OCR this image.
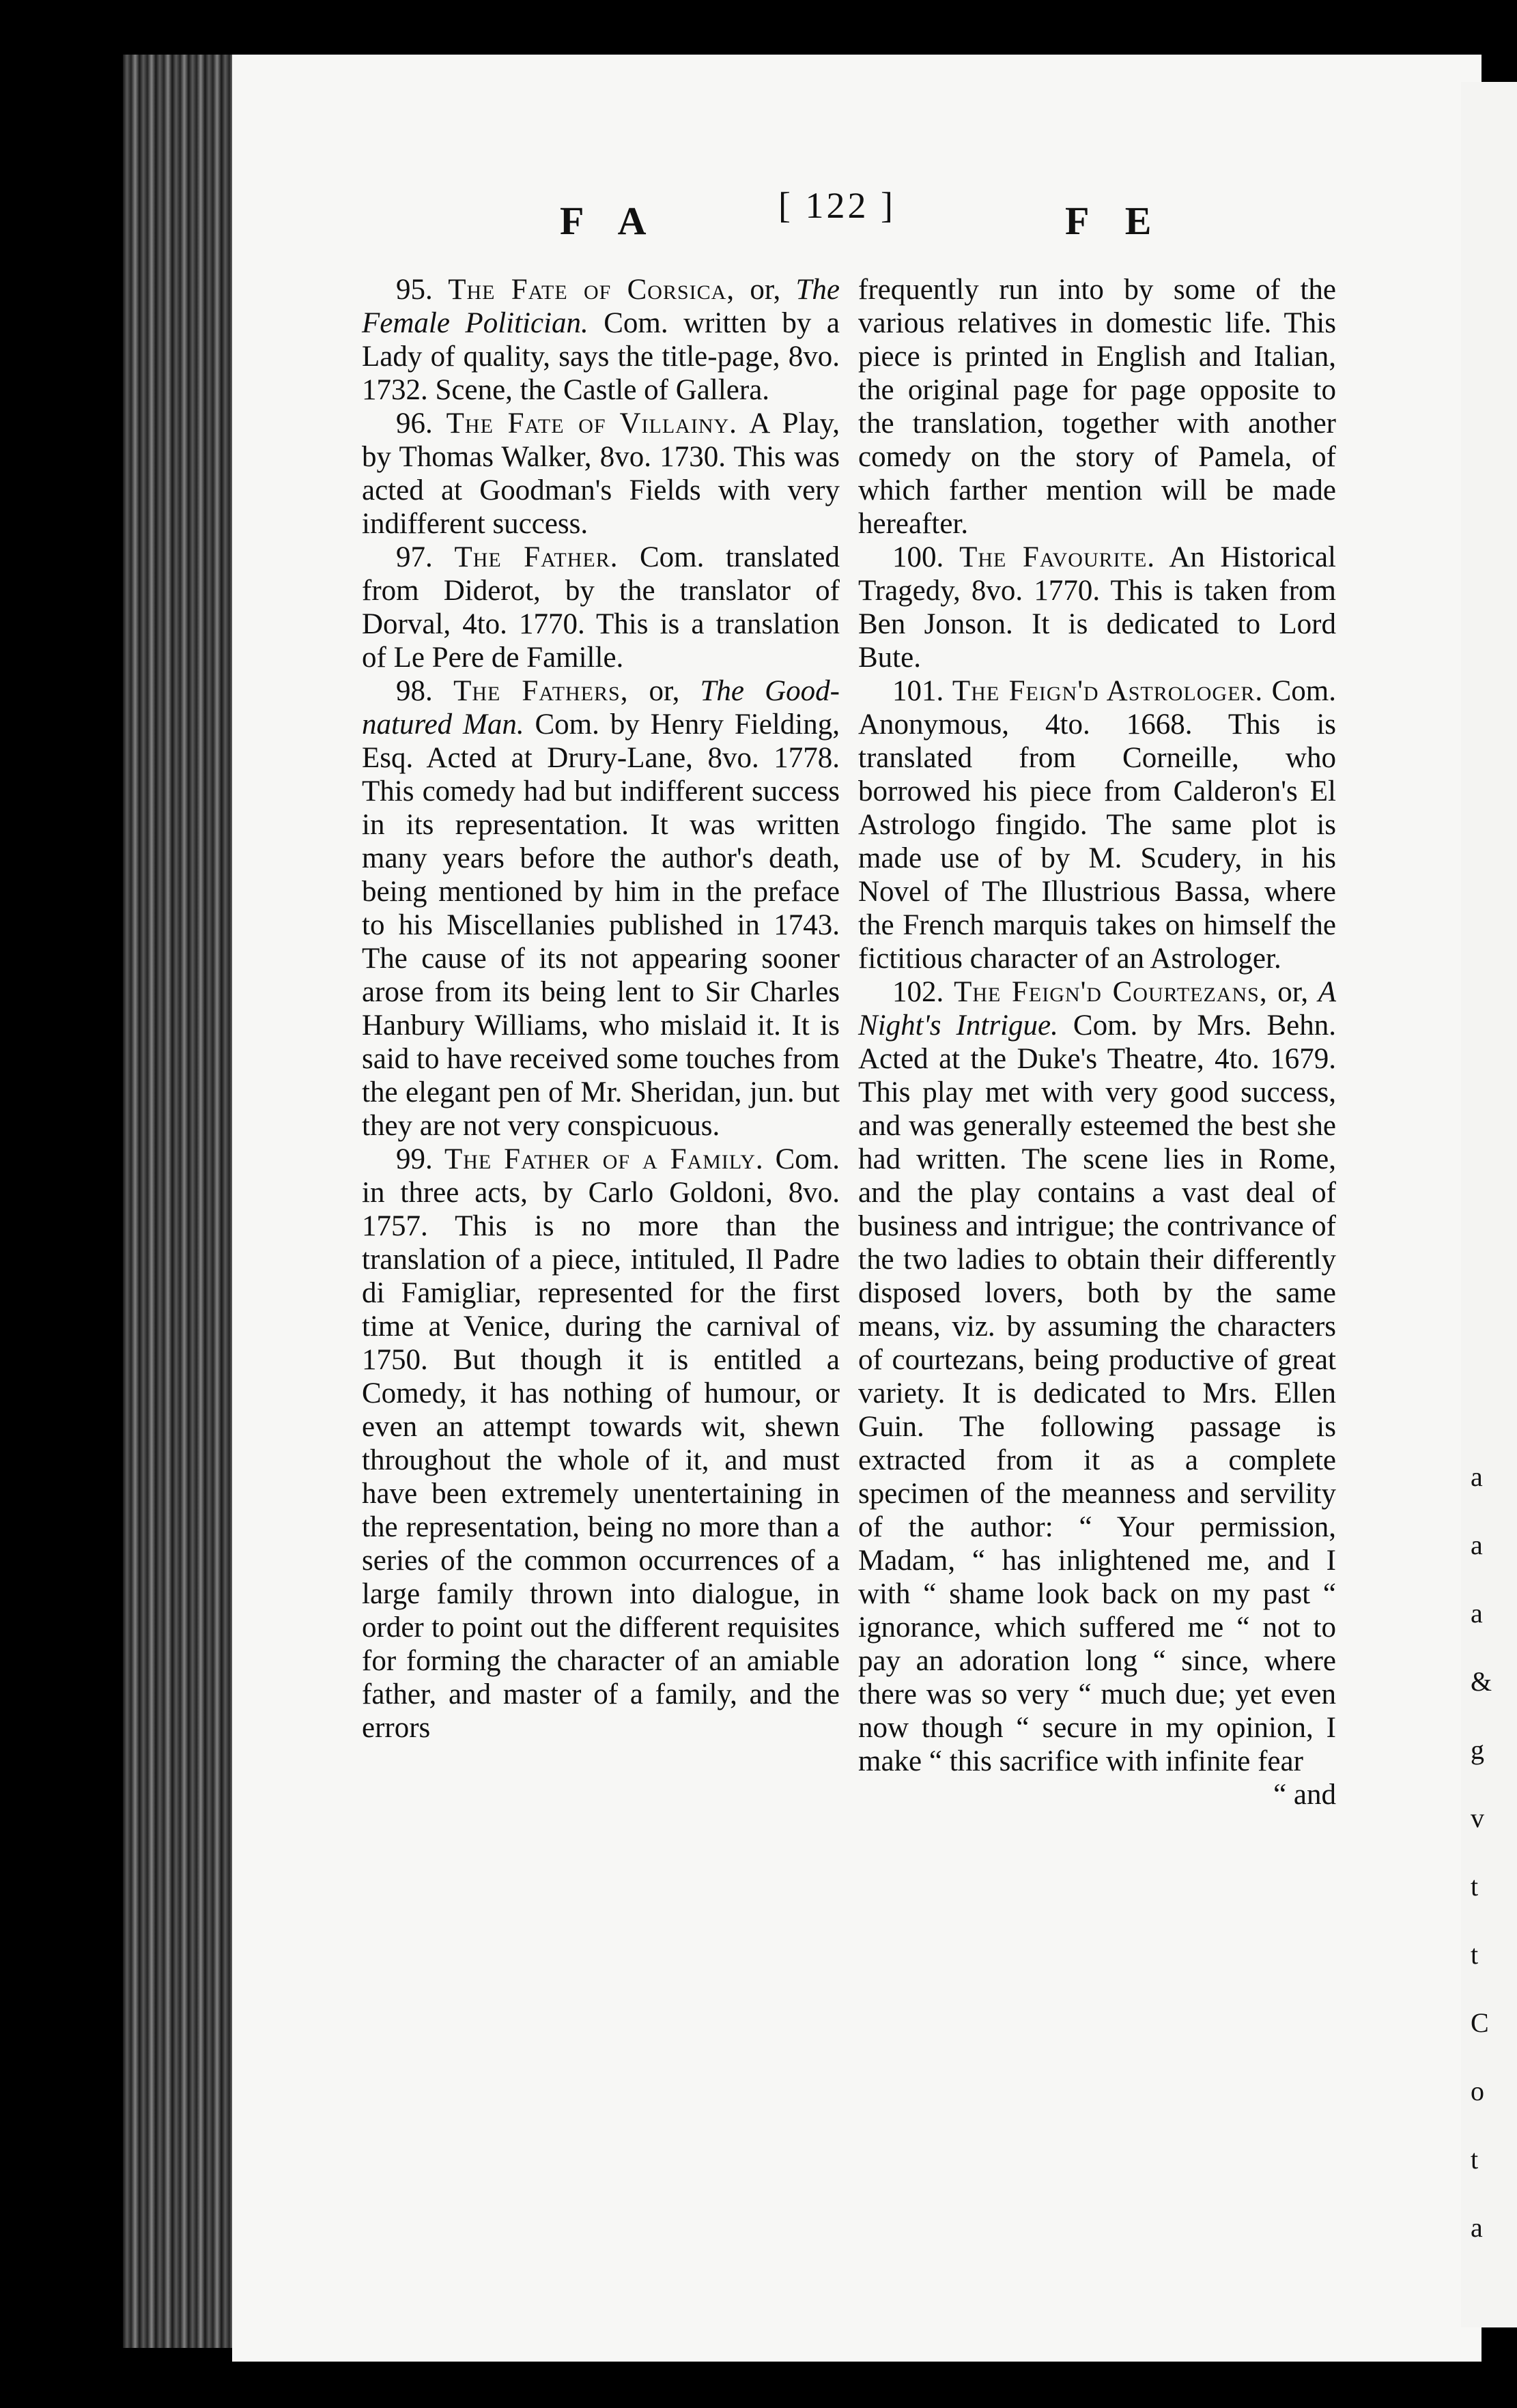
a
a
a
&
g
v
t
t
C
o
t
a
F A	[ 122 ]	F E

95. The Fate of Corsica, or, The Female Politician. Com. written by a Lady of quality, says the title-page, 8vo. 1732. Scene, the Castle of Gallera.

96. The Fate of Villainy. A Play, by Thomas Walker, 8vo. 1730. This was acted at Goodman's Fields with very indifferent success.

97. The Father. Com. translated from Diderot, by the translator of Dorval, 4to. 1770. This is a translation of Le Pere de Famille.

98. The Fathers, or, The Good-natured Man. Com. by Henry Fielding, Esq. Acted at Drury-Lane, 8vo. 1778. This comedy had but indifferent success in its representation. It was written many years before the author's death, being mentioned by him in the preface to his Miscellanies published in 1743. The cause of its not appearing sooner arose from its being lent to Sir Charles Hanbury Williams, who mislaid it. It is said to have received some touches from the elegant pen of Mr. Sheridan, jun. but they are not very conspicuous.

99. The Father of a Family. Com. in three acts, by Carlo Goldoni, 8vo. 1757. This is no more than the translation of a piece, intituled, Il Padre di Famigliar, represented for the first time at Venice, during the carnival of 1750. But though it is entitled a Comedy, it has nothing of humour, or even an attempt towards wit, shewn throughout the whole of it, and must have been extremely unentertaining in the representation, being no more than a series of the common occurrences of a large family thrown into dialogue, in order to point out the different requisites for forming the character of an amiable father, and master of a family, and the errors

frequently run into by some of the various relatives in domestic life. This piece is printed in English and Italian, the original page for page opposite to the translation, together with another comedy on the story of Pamela, of which farther mention will be made hereafter.

100. The Favourite. An Historical Tragedy, 8vo. 1770. This is taken from Ben Jonson. It is dedicated to Lord Bute.

101. The Feign'd Astrologer. Com. Anonymous, 4to. 1668. This is translated from Corneille, who borrowed his piece from Calderon's El Astrologo fingido. The same plot is made use of by M. Scudery, in his Novel of The Illustrious Bassa, where the French marquis takes on himself the fictitious character of an Astrologer.

102. The Feign'd Courtezans, or, A Night's Intrigue. Com. by Mrs. Behn. Acted at the Duke's Theatre, 4to. 1679. This play met with very good success, and was generally esteemed the best she had written. The scene lies in Rome, and the play contains a vast deal of business and intrigue; the contrivance of the two ladies to obtain their differently disposed lovers, both by the same means, viz. by assuming the characters of courtezans, being productive of great variety. It is dedicated to Mrs. Ellen Guin. The following passage is extracted from it as a complete specimen of the meanness and servility of the author: “ Your permission, Madam, “ has inlightened me, and I with “ shame look back on my past “ ignorance, which suffered me “ not to pay an adoration long “ since, where there was so very “ much due; yet even now though “ secure in my opinion, I make “ this sacrifice with infinite fear

“ and
